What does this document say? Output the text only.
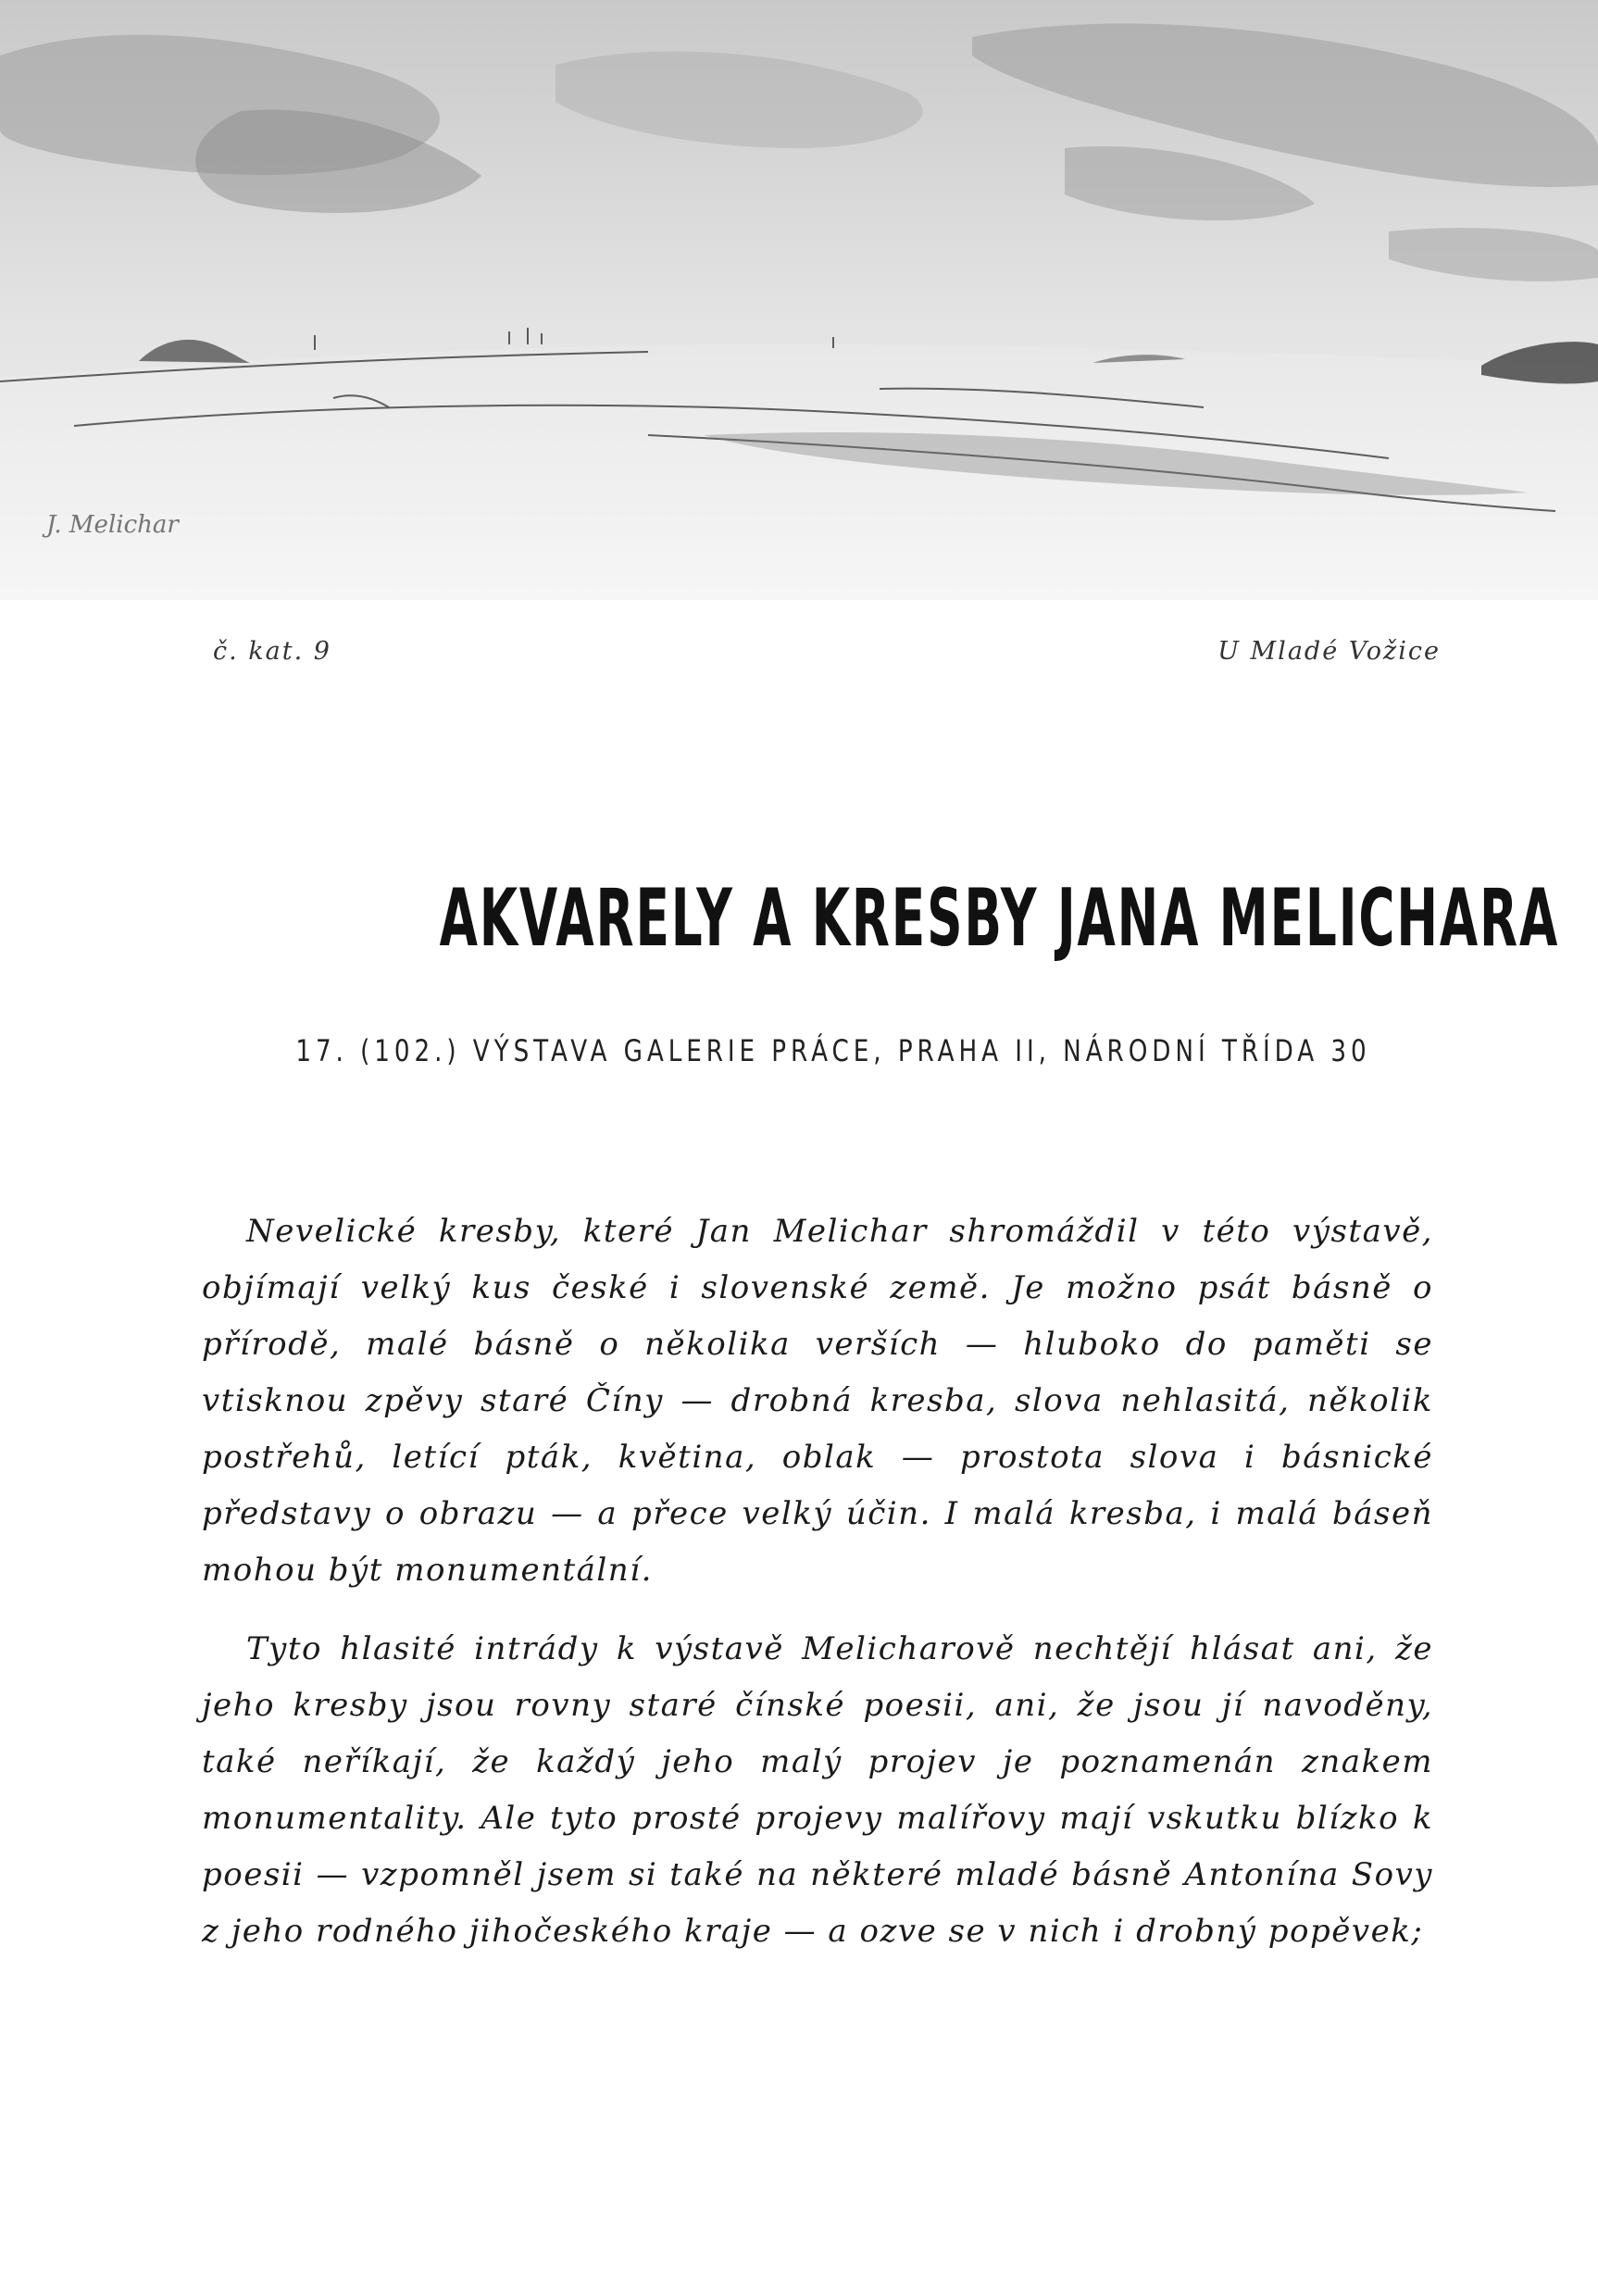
J. Melichar
č. kat. 9	U Mladé Vožice
AKVARELY A KRESBY JANA MELICHARA
17. (102.) VÝSTAVA GALERIE PRÁCE, PRAHA II, NÁRODNÍ TŘÍDA 30

Nevelické kresby, které Jan Melichar shromáždil v této výstavě, objímají velký kus české i slovenské země. Je možno psát básně o přírodě, malé básně o několika verších — hluboko do paměti se vtisknou zpěvy staré Číny — drobná kresba, slova nehlasitá, několik postřehů, letící pták, květina, oblak — prostota slova i básnické představy o obrazu — a přece velký účin. I malá kresba, i malá báseň mohou být monumentální.

Tyto hlasité intrády k výstavě Melicharově nechtějí hlásat ani, že jeho kresby jsou rovny staré čínské poesii, ani, že jsou jí navoděny, také neříkají, že každý jeho malý projev je poznamenán znakem monumentality. Ale tyto prosté projevy malířovy mají vskutku blízko k poesii — vzpomněl jsem si také na některé mladé básně Antonína Sovy z jeho rodného jihočeského kraje — a ozve se v nich i drobný popěvek;
